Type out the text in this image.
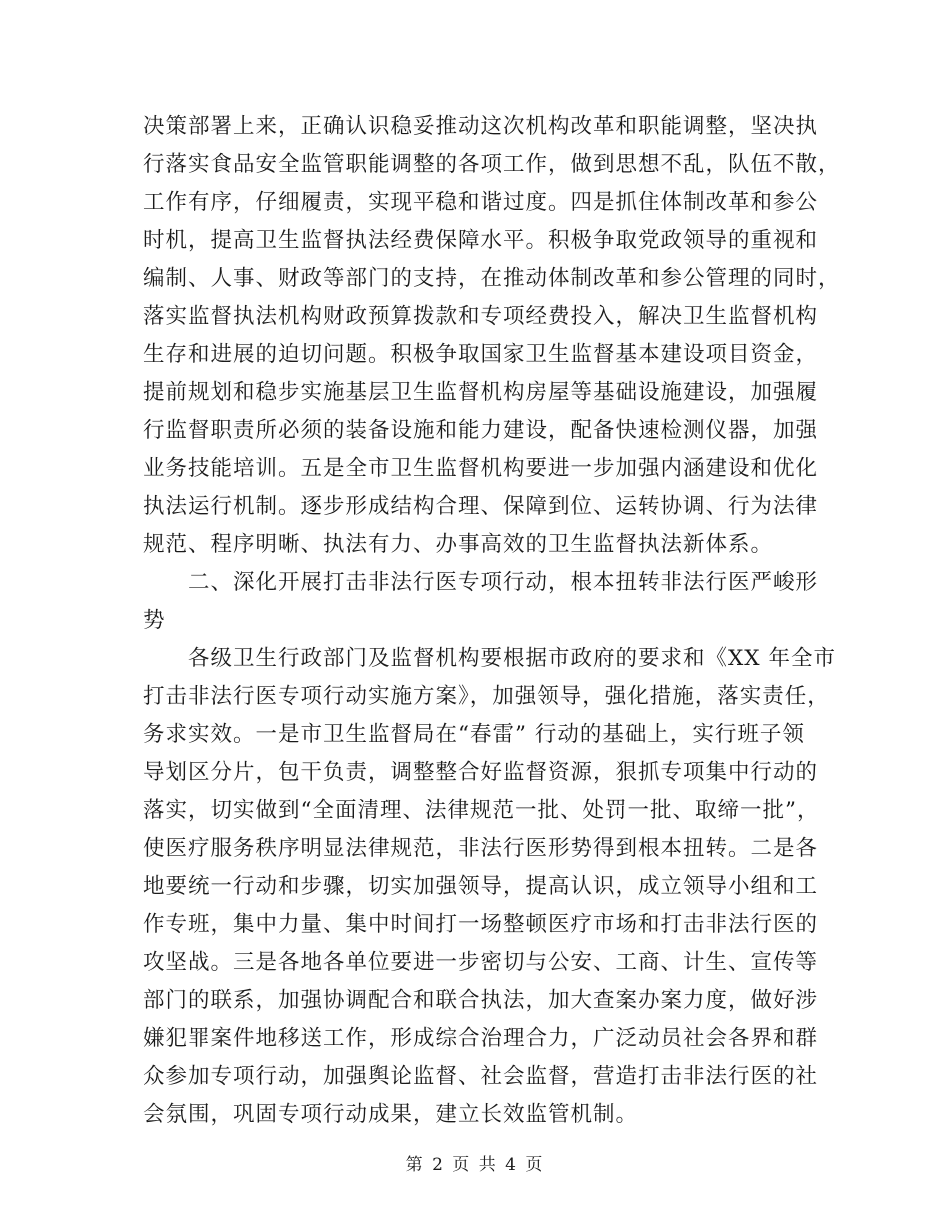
决策部署上来，正确认识稳妥推动这次机构改革和职能调整，坚决执
行落实食品安全监管职能调整的各项工作，做到思想不乱，队伍不散，
工作有序，仔细履责，实现平稳和谐过度。四是抓住体制改革和参公
时机，提高卫生监督执法经费保障水平。积极争取党政领导的重视和
编制、人事、财政等部门的支持，在推动体制改革和参公管理的同时，
落实监督执法机构财政预算拨款和专项经费投入，解决卫生监督机构
生存和进展的迫切问题。积极争取国家卫生监督基本建设项目资金，
提前规划和稳步实施基层卫生监督机构房屋等基础设施建设，加强履
行监督职责所必须的装备设施和能力建设，配备快速检测仪器，加强
业务技能培训。五是全市卫生监督机构要进一步加强内涵建设和优化
执法运行机制。逐步形成结构合理、保障到位、运转协调、行为法律
规范、程序明晰、执法有力、办事高效的卫生监督执法新体系。
二、深化开展打击非法行医专项行动，根本扭转非法行医严峻形
势
各级卫生行政部门及监督机构要根据市政府的要求和《XX 年全市
打击非法行医专项行动实施方案》，加强领导，强化措施，落实责任，
务求实效。一是市卫生监督局在“春雷” 行动的基础上，实行班子领
导划区分片，包干负责，调整整合好监督资源，狠抓专项集中行动的
落实，切实做到“全面清理、法律规范一批、处罚一批、取缔一批”，
使医疗服务秩序明显法律规范，非法行医形势得到根本扭转。二是各
地要统一行动和步骤，切实加强领导，提高认识，成立领导小组和工
作专班，集中力量、集中时间打一场整顿医疗市场和打击非法行医的
攻坚战。三是各地各单位要进一步密切与公安、工商、计生、宣传等
部门的联系，加强协调配合和联合执法，加大查案办案力度，做好涉
嫌犯罪案件地移送工作，形成综合治理合力，广泛动员社会各界和群
众参加专项行动，加强舆论监督、社会监督，营造打击非法行医的社
会氛围，巩固专项行动成果，建立长效监管机制。
第 2 页 共 4 页
